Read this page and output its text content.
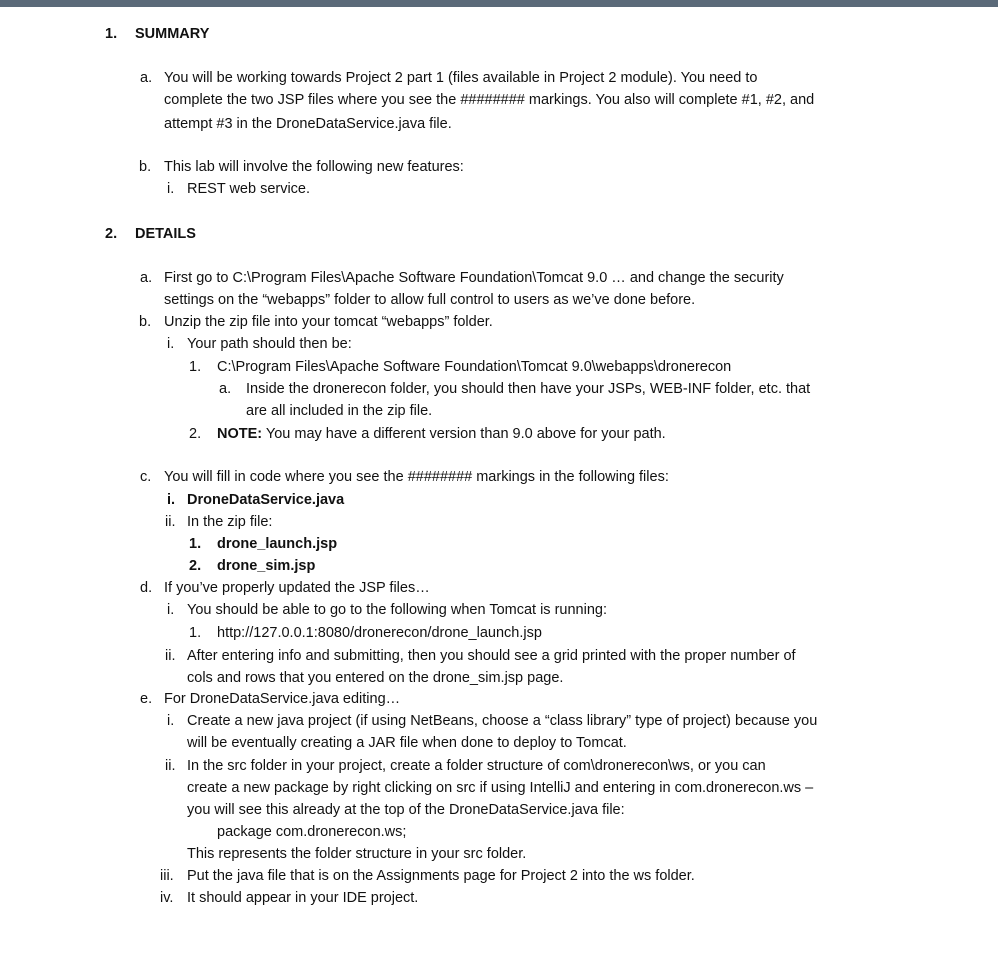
1. SUMMARY
a. You will be working towards Project 2 part 1 (files available in Project 2 module). You need to
complete the two JSP files where you see the ######## markings. You also will complete #1, #2, and
attempt #3 in the DroneDataService.java file.
b. This lab will involve the following new features:
i. REST web service.
2. DETAILS
a. First go to C:\Program Files\Apache Software Foundation\Tomcat 9.0 … and change the security
settings on the “webapps” folder to allow full control to users as we’ve done before.
b. Unzip the zip file into your tomcat “webapps” folder.
i. Your path should then be:
1. C:\Program Files\Apache Software Foundation\Tomcat 9.0\webapps\dronerecon
a. Inside the dronerecon folder, you should then have your JSPs, WEB-INF folder, etc. that
are all included in the zip file.
2. NOTE: You may have a different version than 9.0 above for your path.
c. You will fill in code where you see the ######## markings in the following files:
i. DroneDataService.java
ii. In the zip file:
1. drone_launch.jsp
2. drone_sim.jsp
d. If you’ve properly updated the JSP files…
i. You should be able to go to the following when Tomcat is running:
1. http://127.0.0.1:8080/dronerecon/drone_launch.jsp
ii. After entering info and submitting, then you should see a grid printed with the proper number of
cols and rows that you entered on the drone_sim.jsp page.
e. For DroneDataService.java editing…
i. Create a new java project (if using NetBeans, choose a “class library” type of project) because you
will be eventually creating a JAR file when done to deploy to Tomcat.
ii. In the src folder in your project, create a folder structure of com\dronerecon\ws, or you can
create a new package by right clicking on src if using IntelliJ and entering in com.dronerecon.ws –
you will see this already at the top of the DroneDataService.java file:
package com.dronerecon.ws;
This represents the folder structure in your src folder.
iii. Put the java file that is on the Assignments page for Project 2 into the ws folder.
iv. It should appear in your IDE project.
